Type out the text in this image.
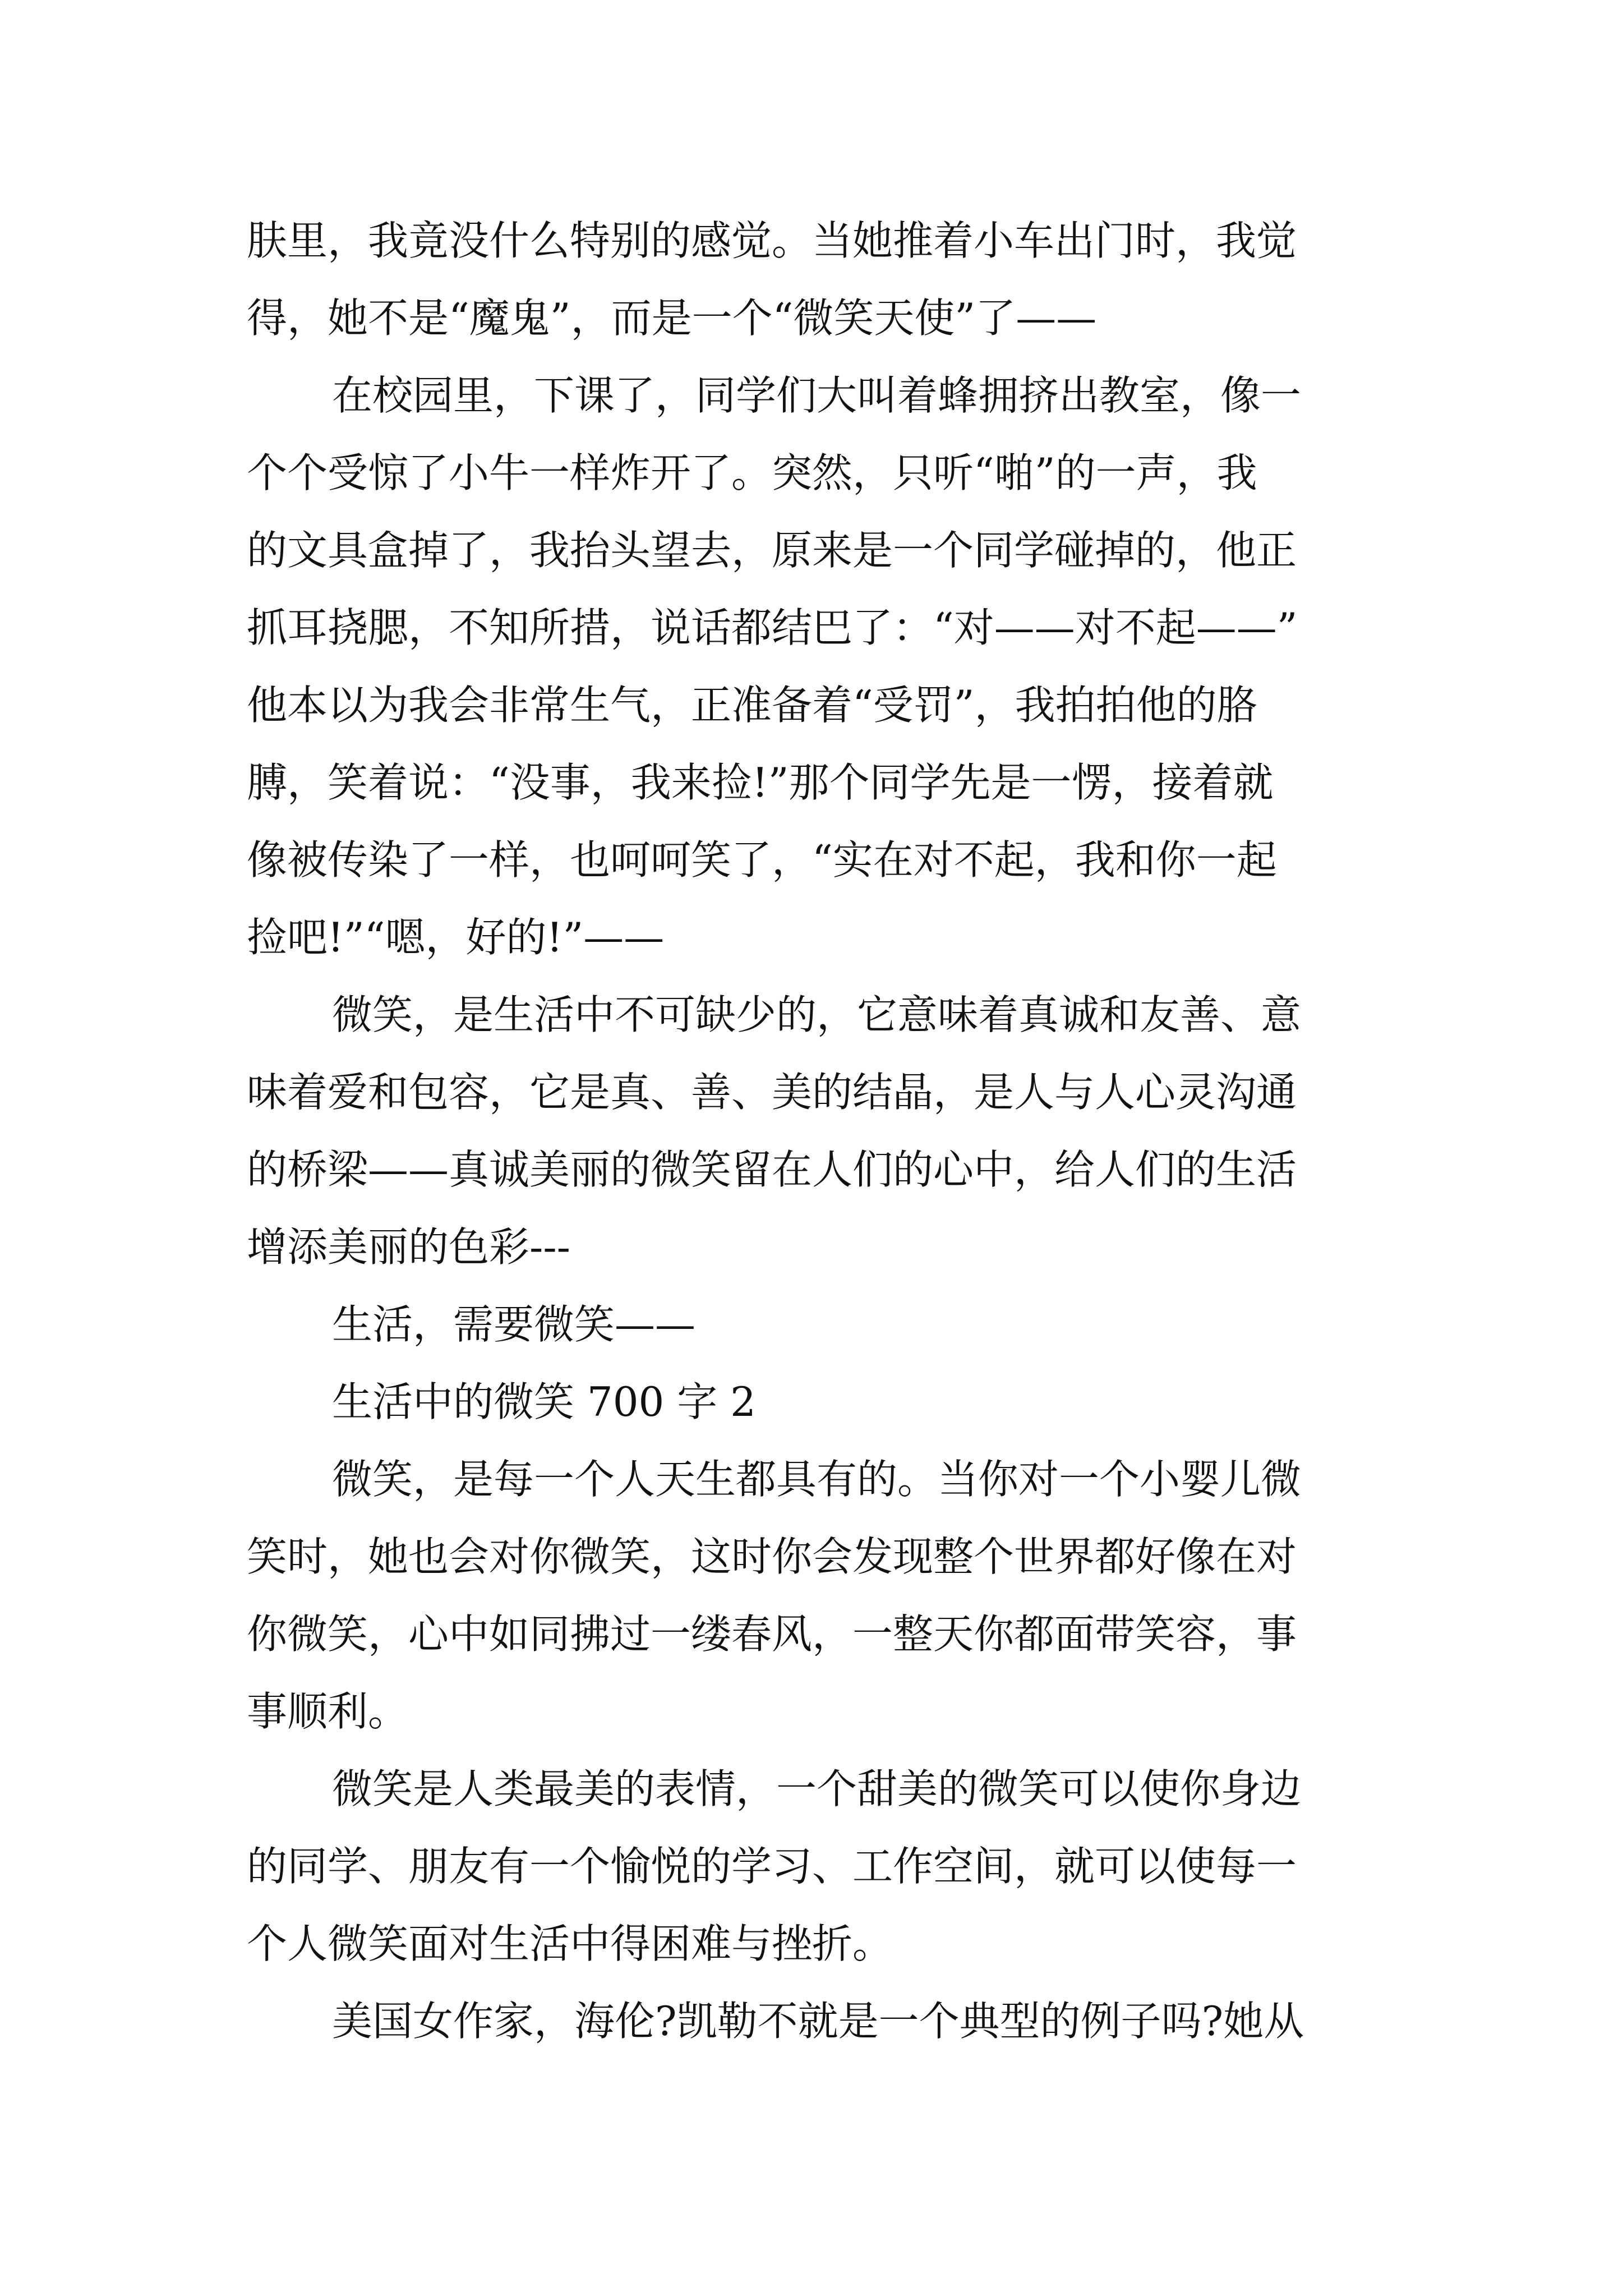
肤里，我竟没什么特别的感觉。当她推着小车出门时，我觉
得，她不是“魔鬼”，而是一个“微笑天使”了——
在校园里，下课了，同学们大叫着蜂拥挤出教室，像一
个个受惊了小牛一样炸开了。突然，只听“啪”的一声，我
的文具盒掉了，我抬头望去，原来是一个同学碰掉的，他正
抓耳挠腮，不知所措，说话都结巴了：“对——对不起——”
他本以为我会非常生气，正准备着“受罚”，我拍拍他的胳
膊，笑着说：“没事，我来捡!”那个同学先是一愣，接着就
像被传染了一样，也呵呵笑了，“实在对不起，我和你一起
捡吧!”“嗯，好的!”——
微笑，是生活中不可缺少的，它意味着真诚和友善、意
味着爱和包容，它是真、善、美的结晶，是人与人心灵沟通
的桥梁——真诚美丽的微笑留在人们的心中，给人们的生活
增添美丽的色彩---
生活，需要微笑——
生活中的微笑 700 字 2
微笑，是每一个人天生都具有的。当你对一个小婴儿微
笑时，她也会对你微笑，这时你会发现整个世界都好像在对
你微笑，心中如同拂过一缕春风，一整天你都面带笑容，事
事顺利。
微笑是人类最美的表情，一个甜美的微笑可以使你身边
的同学、朋友有一个愉悦的学习、工作空间，就可以使每一
个人微笑面对生活中得困难与挫折。
美国女作家，海伦?凯勒不就是一个典型的例子吗?她从
